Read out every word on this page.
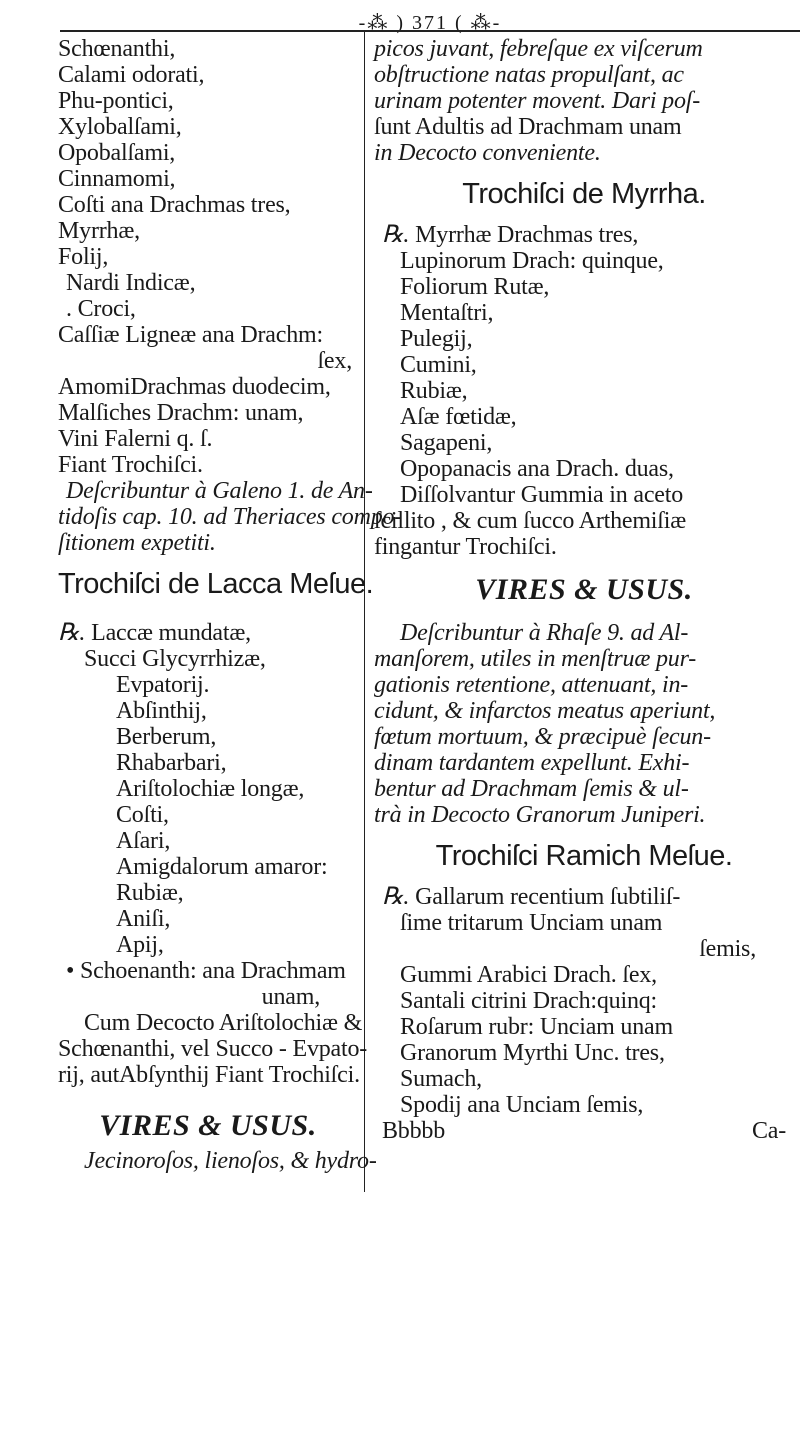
-⁂ ) 371 ( ⁂-
Schœnanthi,
Calami odorati,
Phu-pontici,
Xylobalſami,
Opobalſami,
Cinnamomi,
Coſti ana Drachmas tres,
Myrrhæ,
Folij,
Nardi Indicæ,
. Croci,
Caſſiæ Ligneæ ana Drachm:
ſex,
AmomiDrachmas duodecim,
Malſiches Drachm: unam,
Vini Falerni q. ſ.
Fiant Trochiſci.
Deſcribuntur à Galeno 1. de An-
tidoſis cap. 10. ad Theriaces compo-
ſitionem expetiti.
Trochiſci de Lacca Meſue.
℞. Laccæ mundatæ,
Succi Glycyrrhizæ,
Evpatorij.
Abſinthij,
Berberum,
Rhabarbari,
Ariſtolochiæ longæ,
Coſti,
Aſari,
Amigdalorum amaror:
Rubiæ,
Aniſi,
Apij,
• Schoenanth: ana Drachmam
unam,
Cum Decocto Ariſtolochiæ &
Schœnanthi, vel Succo - Evpato-
rij, autAbſynthij Fiant Trochiſci.
VIRES & USUS.
Jecinoroſos, lienoſos, & hydro-
picos juvant, febreſque ex viſcerum
obſtructione natas propulſant, ac
urinam potenter movent. Dari poſ-
ſunt Adultis ad Drachmam unam
in Decocto conveniente.
Trochiſci de Myrrha.
℞. Myrrhæ Drachmas tres,
Lupinorum Drach: quinque,
Foliorum Rutæ,
Mentaſtri,
Pulegij,
Cumini,
Rubiæ,
Aſæ fœtidæ,
Sagapeni,
Opopanacis ana Drach. duas,
Diſſolvantur Gummia in aceto
ſcillito , & cum ſucco Arthemiſiæ
fingantur Trochiſci.
VIRES & USUS.
Deſcribuntur à Rhaſe 9. ad Al-
manſorem, utiles in menſtruæ pur-
gationis retentione, attenuant, in-
cidunt, & infarctos meatus aperiunt,
fœtum mortuum, & præcipuè ſecun-
dinam tardantem expellunt. Exhi-
bentur ad Drachmam ſemis & ul-
trà in Decocto Granorum Juniperi.
Trochiſci Ramich Meſue.
℞. Gallarum recentium ſubtiliſ-
ſime tritarum Unciam unam
ſemis,
Gummi Arabici Drach. ſex,
Santali citrini Drach:quinq:
Roſarum rubr: Unciam unam
Granorum Myrthi Unc. tres,
Sumach,
Spodij ana Unciam ſemis,
Bbbbb	Ca-
